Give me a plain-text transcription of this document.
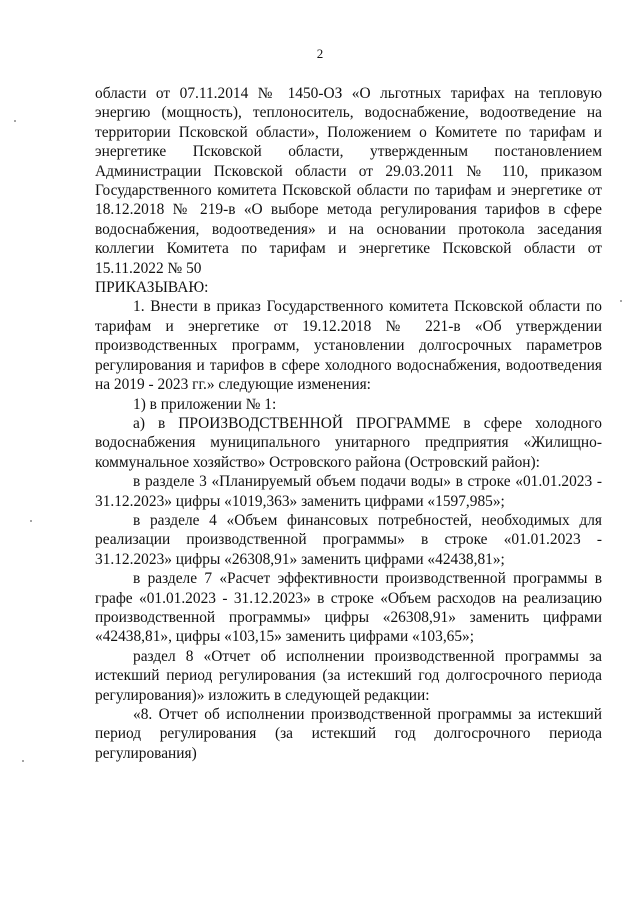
2

области от 07.11.2014 № 1450-ОЗ «О льготных тарифах на тепловую энергию (мощность), теплоноситель, водоснабжение, водоотведение на территории Псковской области», Положением о Комитете по тарифам и энергетике Псковской области, утвержденным постановлением Администрации Псковской области от 29.03.2011 № 110, приказом Государственного комитета Псковской области по тарифам и энергетике от 18.12.2018 № 219-в «О выборе метода регулирования тарифов в сфере водоснабжения, водоотведения» и на основании протокола заседания коллегии Комитета по тарифам и энергетике Псковской области от 15.11.2022 № 50

ПРИКАЗЫВАЮ:

1. Внести в приказ Государственного комитета Псковской области по тарифам и энергетике от 19.12.2018 № 221-в «Об утверждении производственных программ, установлении долгосрочных параметров регулирования и тарифов в сфере холодного водоснабжения, водоотведения на 2019 - 2023 гг.» следующие изменения:

1) в приложении № 1:

а) в ПРОИЗВОДСТВЕННОЙ ПРОГРАММЕ в сфере холодного водоснабжения муниципального унитарного предприятия «Жилищно-коммунальное хозяйство» Островского района (Островский район):

в разделе 3 «Планируемый объем подачи воды» в строке «01.01.2023 - 31.12.2023» цифры «1019,363» заменить цифрами «1597,985»;

в разделе 4 «Объем финансовых потребностей, необходимых для реализации производственной программы» в строке «01.01.2023 - 31.12.2023» цифры «26308,91» заменить цифрами «42438,81»;

в разделе 7 «Расчет эффективности производственной программы в графе «01.01.2023 - 31.12.2023» в строке «Объем расходов на реализацию производственной программы» цифры «26308,91» заменить цифрами «42438,81», цифры «103,15» заменить цифрами «103,65»;

раздел 8 «Отчет об исполнении производственной программы за истекший период регулирования (за истекший год долгосрочного периода регулирования)» изложить в следующей редакции:

«8. Отчет об исполнении производственной программы за истекший период регулирования (за истекший год долгосрочного периода регулирования)
